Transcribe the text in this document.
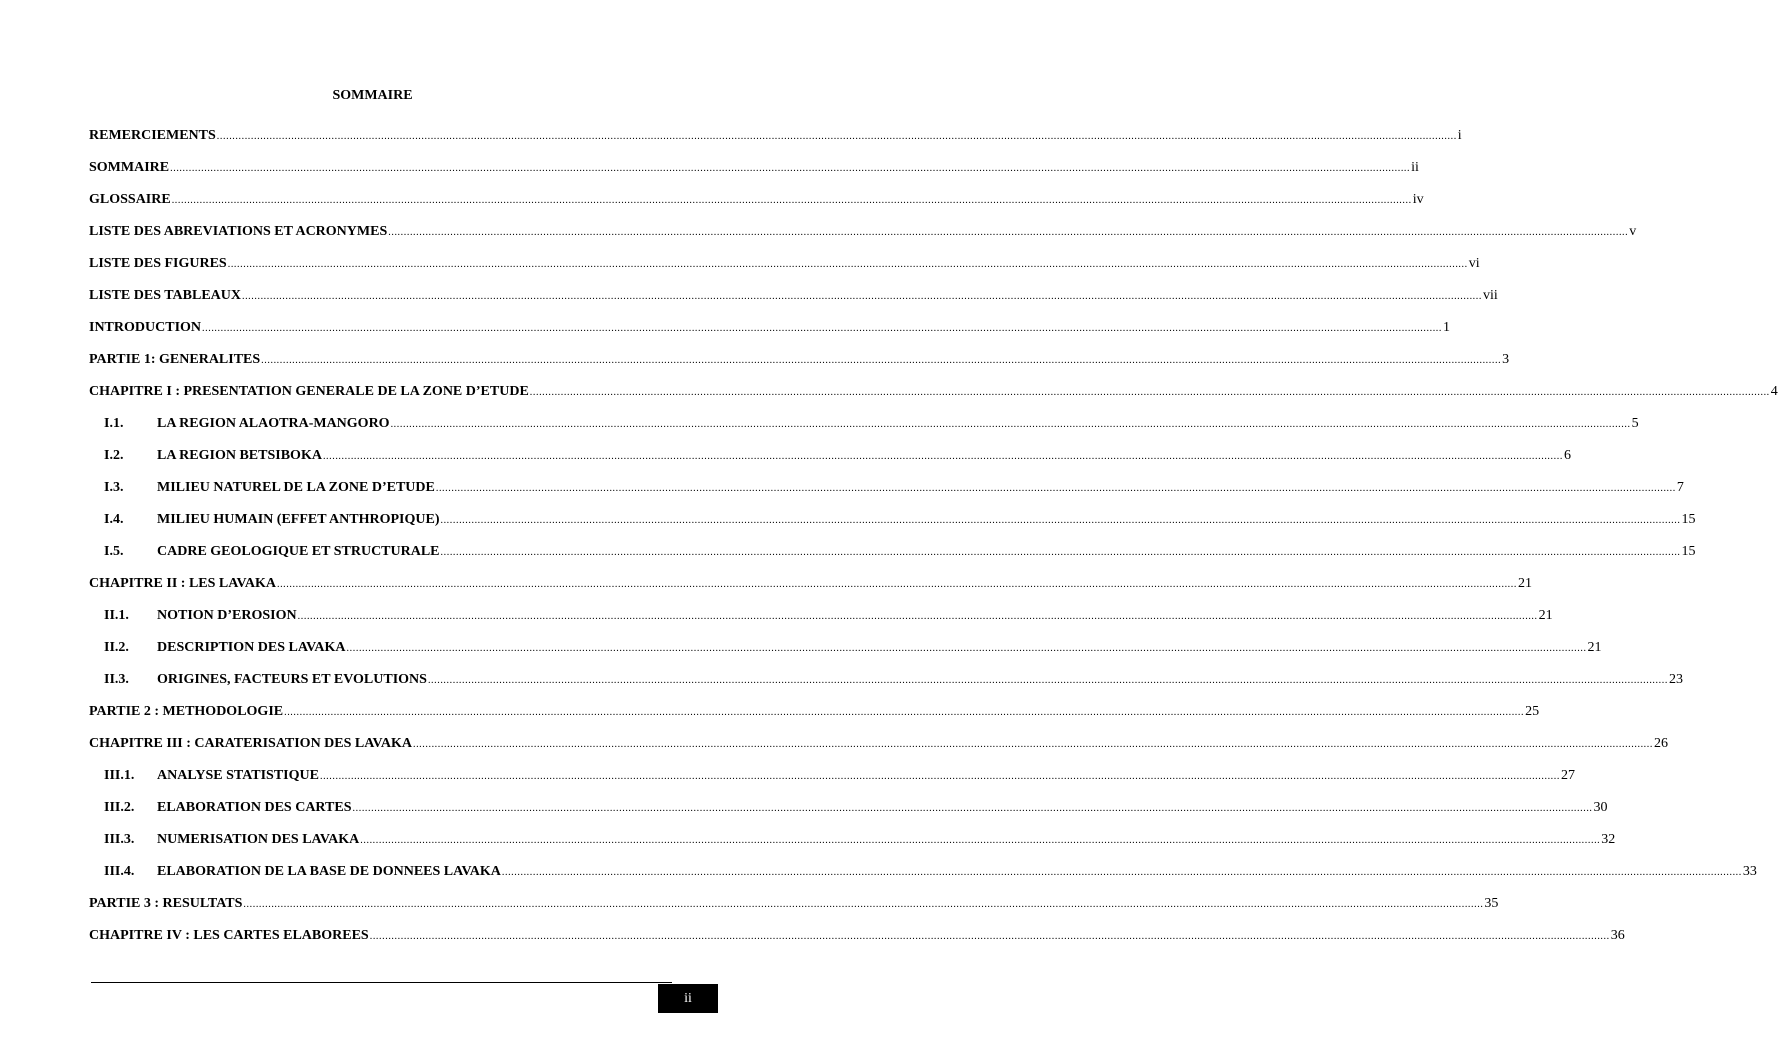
SOMMAIRE
REMERCIEMENTS ................................................................................................................................................................................................................................................................................................................................................................................................................ i
SOMMAIRE ................................................................................................................................................................................................................................................................................................................................................................................................................ ii
GLOSSAIRE ................................................................................................................................................................................................................................................................................................................................................................................................................ iv
LISTE DES ABREVIATIONS ET ACRONYMES ................................................................................................................................................................................................................................................................................................................................................................................................................ v
LISTE DES FIGURES ................................................................................................................................................................................................................................................................................................................................................................................................................ vi
LISTE DES TABLEAUX ................................................................................................................................................................................................................................................................................................................................................................................................................ vii
INTRODUCTION ................................................................................................................................................................................................................................................................................................................................................................................................................ 1
PARTIE 1: GENERALITES ................................................................................................................................................................................................................................................................................................................................................................................................................ 3
CHAPITRE I : PRESENTATION GENERALE DE LA ZONE D’ETUDE ................................................................................................................................................................................................................................................................................................................................................................................................................ 4
I.1.	LA REGION ALAOTRA-MANGORO ................................................................................................................................................................................................................................................................................................................................................................................................................ 5
I.2.	LA REGION BETSIBOKA ................................................................................................................................................................................................................................................................................................................................................................................................................ 6
I.3.	MILIEU NATUREL DE LA ZONE D’ETUDE ................................................................................................................................................................................................................................................................................................................................................................................................................ 7
I.4.	MILIEU HUMAIN (EFFET ANTHROPIQUE) ................................................................................................................................................................................................................................................................................................................................................................................................................ 15
I.5.	CADRE GEOLOGIQUE ET STRUCTURALE ................................................................................................................................................................................................................................................................................................................................................................................................................ 15
CHAPITRE II : LES LAVAKA ................................................................................................................................................................................................................................................................................................................................................................................................................ 21
II.1.	NOTION D’EROSION ................................................................................................................................................................................................................................................................................................................................................................................................................ 21
II.2.	DESCRIPTION DES LAVAKA ................................................................................................................................................................................................................................................................................................................................................................................................................ 21
II.3.	ORIGINES, FACTEURS ET EVOLUTIONS ................................................................................................................................................................................................................................................................................................................................................................................................................ 23
PARTIE 2 : METHODOLOGIE ................................................................................................................................................................................................................................................................................................................................................................................................................ 25
CHAPITRE III : CARATERISATION DES LAVAKA ................................................................................................................................................................................................................................................................................................................................................................................................................ 26
III.1.	ANALYSE STATISTIQUE ................................................................................................................................................................................................................................................................................................................................................................................................................ 27
III.2.	ELABORATION DES CARTES ................................................................................................................................................................................................................................................................................................................................................................................................................ 30
III.3.	NUMERISATION DES LAVAKA ................................................................................................................................................................................................................................................................................................................................................................................................................ 32
III.4.	ELABORATION DE LA BASE DE DONNEES LAVAKA ................................................................................................................................................................................................................................................................................................................................................................................................................ 33
PARTIE 3 : RESULTATS ................................................................................................................................................................................................................................................................................................................................................................................................................ 35
CHAPITRE IV : LES CARTES ELABOREES ................................................................................................................................................................................................................................................................................................................................................................................................................ 36
ii
